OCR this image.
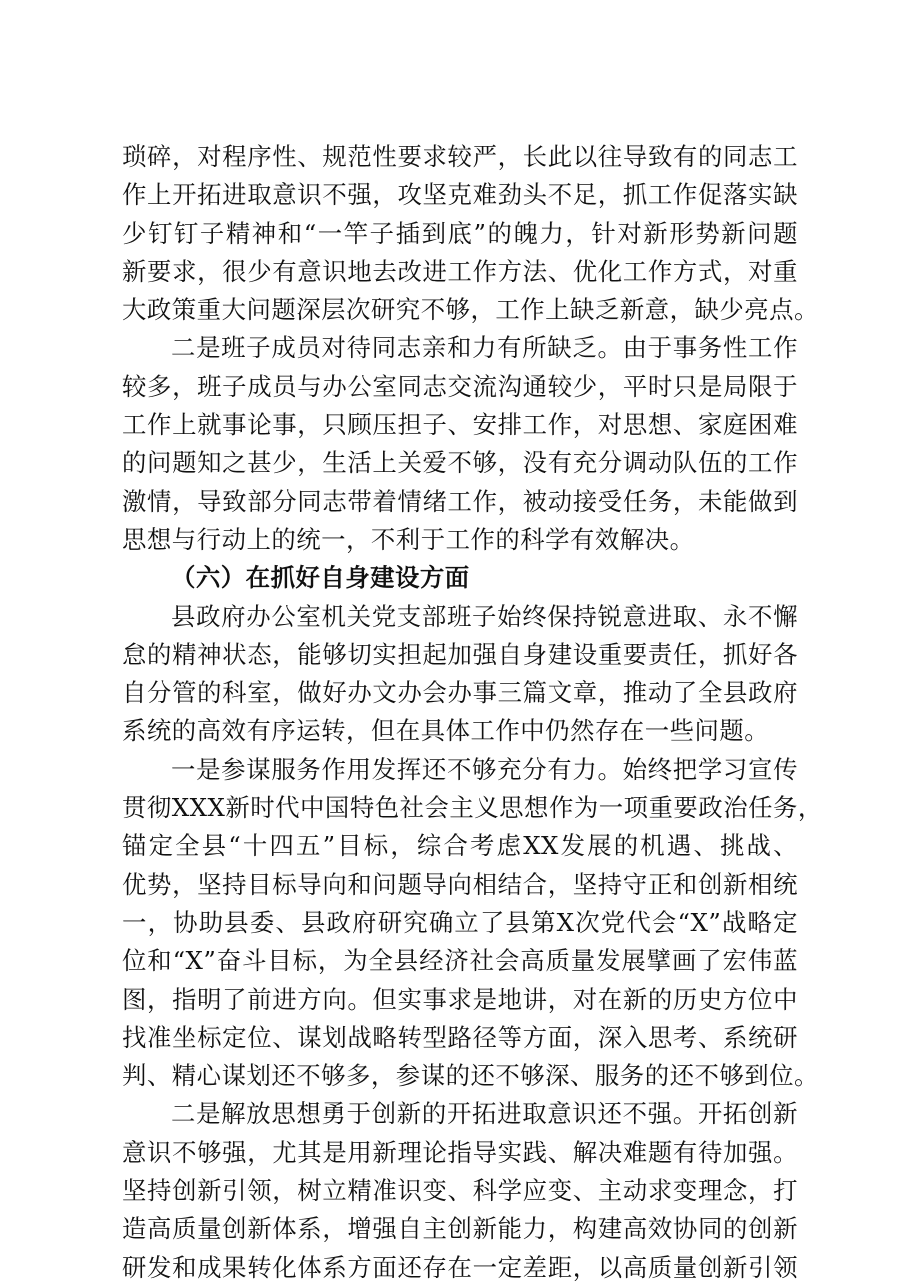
琐碎，对程序性、规范性要求较严，长此以往导致有的同志工
作上开拓进取意识不强，攻坚克难劲头不足，抓工作促落实缺
少钉钉子精神和“一竿子插到底”的魄力，针对新形势新问题
新要求，很少有意识地去改进工作方法、优化工作方式，对重
大政策重大问题深层次研究不够，工作上缺乏新意，缺少亮点。
二是班子成员对待同志亲和力有所缺乏。由于事务性工作
较多，班子成员与办公室同志交流沟通较少，平时只是局限于
工作上就事论事，只顾压担子、安排工作，对思想、家庭困难
的问题知之甚少，生活上关爱不够，没有充分调动队伍的工作
激情，导致部分同志带着情绪工作，被动接受任务，未能做到
思想与行动上的统一，不利于工作的科学有效解决。
（六）在抓好自身建设方面
县政府办公室机关党支部班子始终保持锐意进取、永不懈
怠的精神状态，能够切实担起加强自身建设重要责任，抓好各
自分管的科室，做好办文办会办事三篇文章，推动了全县政府
系统的高效有序运转，但在具体工作中仍然存在一些问题。
一是参谋服务作用发挥还不够充分有力。始终把学习宣传
贯彻XXX新时代中国特色社会主义思想作为一项重要政治任务，
锚定全县“十四五”目标，综合考虑XX发展的机遇、挑战、
优势，坚持目标导向和问题导向相结合，坚持守正和创新相统
一，协助县委、县政府研究确立了县第X次党代会“X”战略定
位和“X”奋斗目标，为全县经济社会高质量发展擘画了宏伟蓝
图，指明了前进方向。但实事求是地讲，对在新的历史方位中
找准坐标定位、谋划战略转型路径等方面，深入思考、系统研
判、精心谋划还不够多，参谋的还不够深、服务的还不够到位。
二是解放思想勇于创新的开拓进取意识还不强。开拓创新
意识不够强，尤其是用新理论指导实践、解决难题有待加强。
坚持创新引领，树立精准识变、科学应变、主动求变理念，打
造高质量创新体系，增强自主创新能力，构建高效协同的创新
研发和成果转化体系方面还存在一定差距，以高质量创新引领
